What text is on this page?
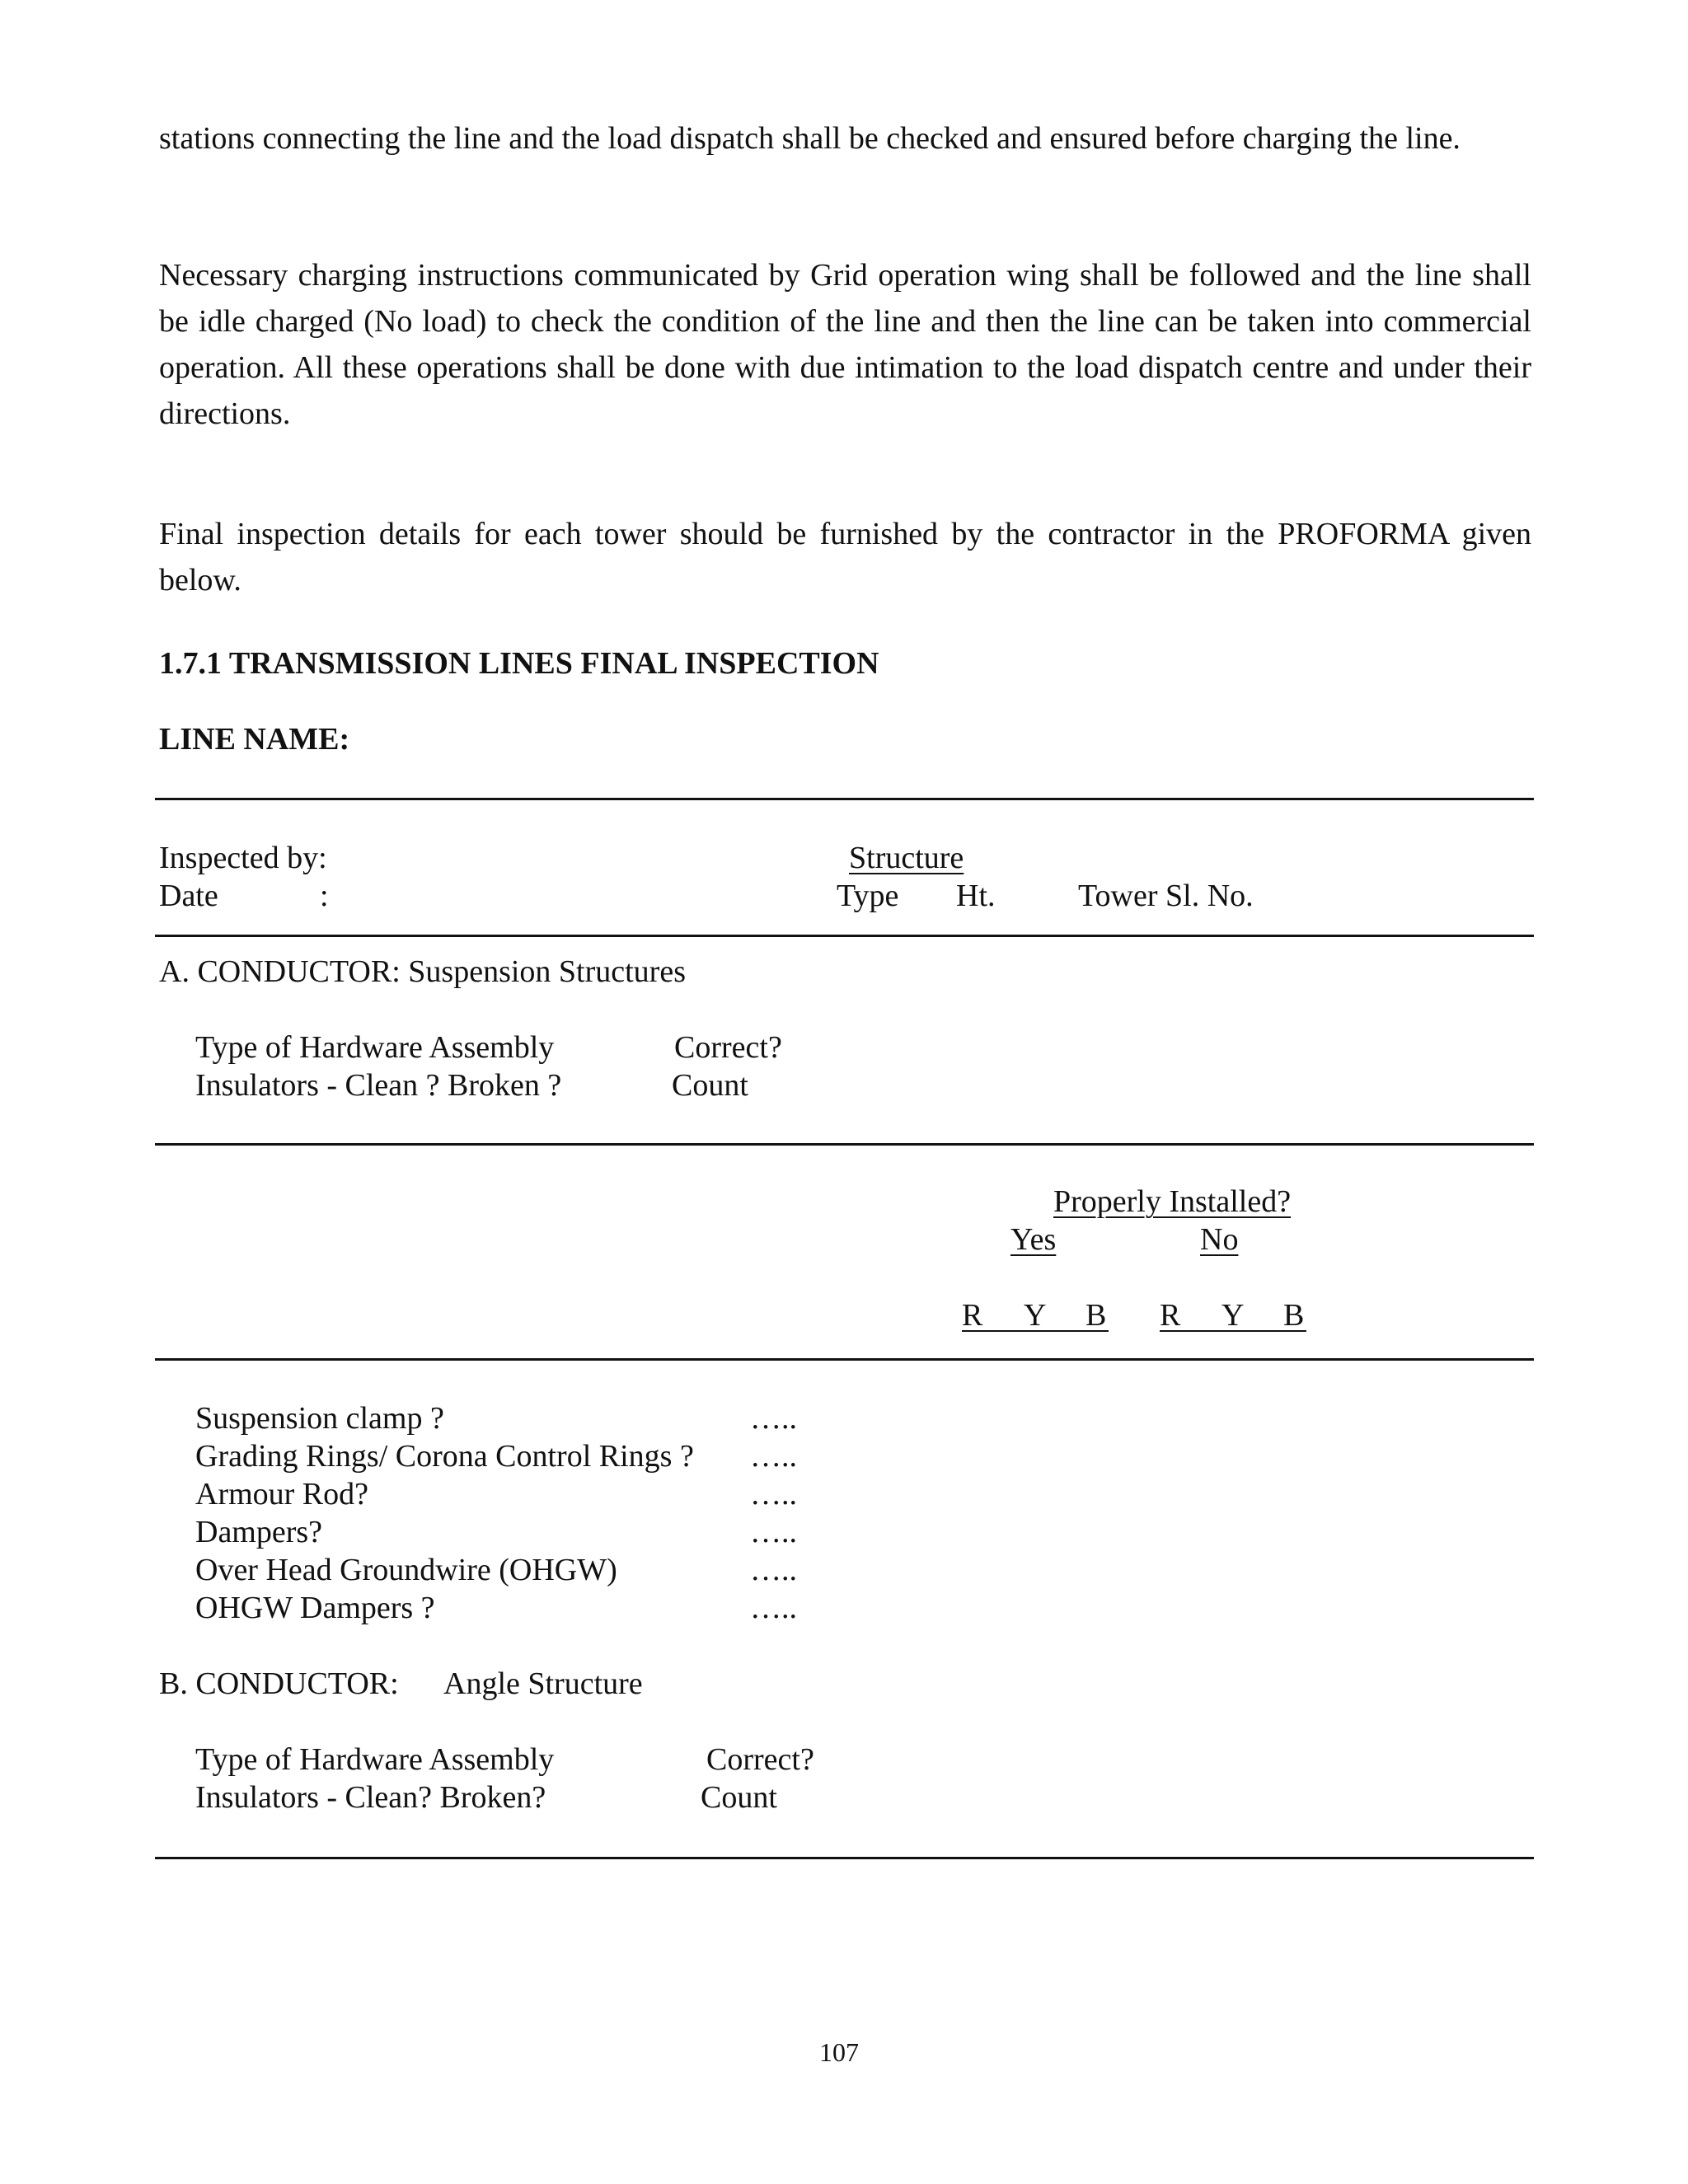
stations connecting the line and the load dispatch shall be checked and ensured before charging the line.
Necessary charging instructions communicated by Grid operation wing shall be followed and the line shall be idle charged (No load) to check the condition of the line and then the line can be taken into commercial operation. All these operations shall be done with due intimation to the load dispatch centre and under their directions.
Final inspection details for each tower should be furnished by the contractor in the PROFORMA given below.
1.7.1 TRANSMISSION LINES FINAL INSPECTION
LINE NAME:
Inspected by:
Date	:
Structure
Type Ht.	Tower Sl. No.
A. CONDUCTOR: Suspension Structures
Type of Hardware Assembly	Correct?
Insulators - Clean ? Broken ?	Count
Properly Installed?
Yes	No
R Y B R Y B
Suspension clamp ?	…..
Grading Rings/ Corona Control Rings ? …..
Armour Rod?	…..
Dampers?	…..
Over Head Groundwire (OHGW)	…..
OHGW Dampers ?	…..
B. CONDUCTOR: Angle Structure
Type of Hardware Assembly	Correct?
Insulators - Clean? Broken?	Count
107
